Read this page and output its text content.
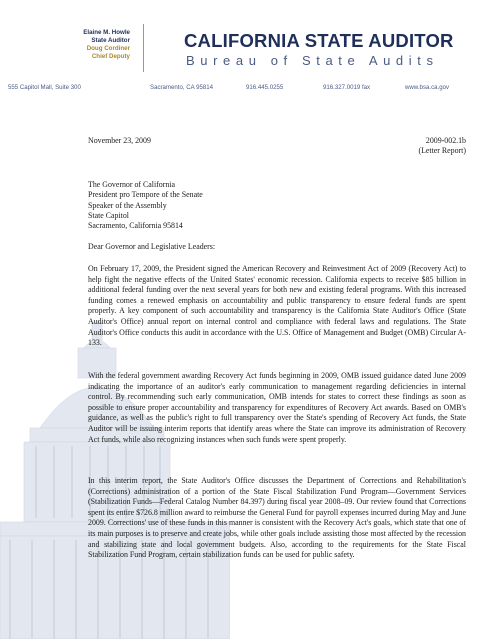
Elaine M. Howle
State Auditor
Doug Cordiner
Chief Deputy
CALIFORNIA STATE AUDITOR
Bureau of State Audits
555 Capitol Mall, Suite 300	Sacramento, CA 95814	916.445.0255	916.327.0019 fax	www.bsa.ca.gov
November 23, 2009	2009-002.1b
(Letter Report)
The Governor of California
President pro Tempore of the Senate
Speaker of the Assembly
State Capitol
Sacramento, California 95814
Dear Governor and Legislative Leaders:
On February 17, 2009, the President signed the American Recovery and Reinvestment Act of 2009 (Recovery Act) to help fight the negative effects of the United States' economic recession. California expects to receive $85 billion in additional federal funding over the next several years for both new and existing federal programs. With this increased funding comes a renewed emphasis on accountability and public transparency to ensure federal funds are spent properly. A key component of such accountability and transparency is the California State Auditor's Office (State Auditor's Office) annual report on internal control and compliance with federal laws and regulations. The State Auditor's Office conducts this audit in accordance with the U.S. Office of Management and Budget (OMB) Circular A-133.
With the federal government awarding Recovery Act funds beginning in 2009, OMB issued guidance dated June 2009 indicating the importance of an auditor's early communication to management regarding deficiencies in internal control. By recommending such early communication, OMB intends for states to correct these findings as soon as possible to ensure proper accountability and transparency for expenditures of Recovery Act awards. Based on OMB's guidance, as well as the public's right to full transparency over the State's spending of Recovery Act funds, the State Auditor will be issuing interim reports that identify areas where the State can improve its administration of Recovery Act funds, while also recognizing instances when such funds were spent properly.
In this interim report, the State Auditor's Office discusses the Department of Corrections and Rehabilitation's (Corrections) administration of a portion of the State Fiscal Stabilization Fund Program—Government Services (Stabilization Funds—Federal Catalog Number 84.397) during fiscal year 2008–09. Our review found that Corrections spent its entire $726.8 million award to reimburse the General Fund for payroll expenses incurred during May and June 2009. Corrections' use of these funds in this manner is consistent with the Recovery Act's goals, which state that one of its main purposes is to preserve and create jobs, while other goals include assisting those most affected by the recession and stabilizing state and local government budgets. Also, according to the requirements for the State Fiscal Stabilization Fund Program, certain stabilization funds can be used for public safety.
